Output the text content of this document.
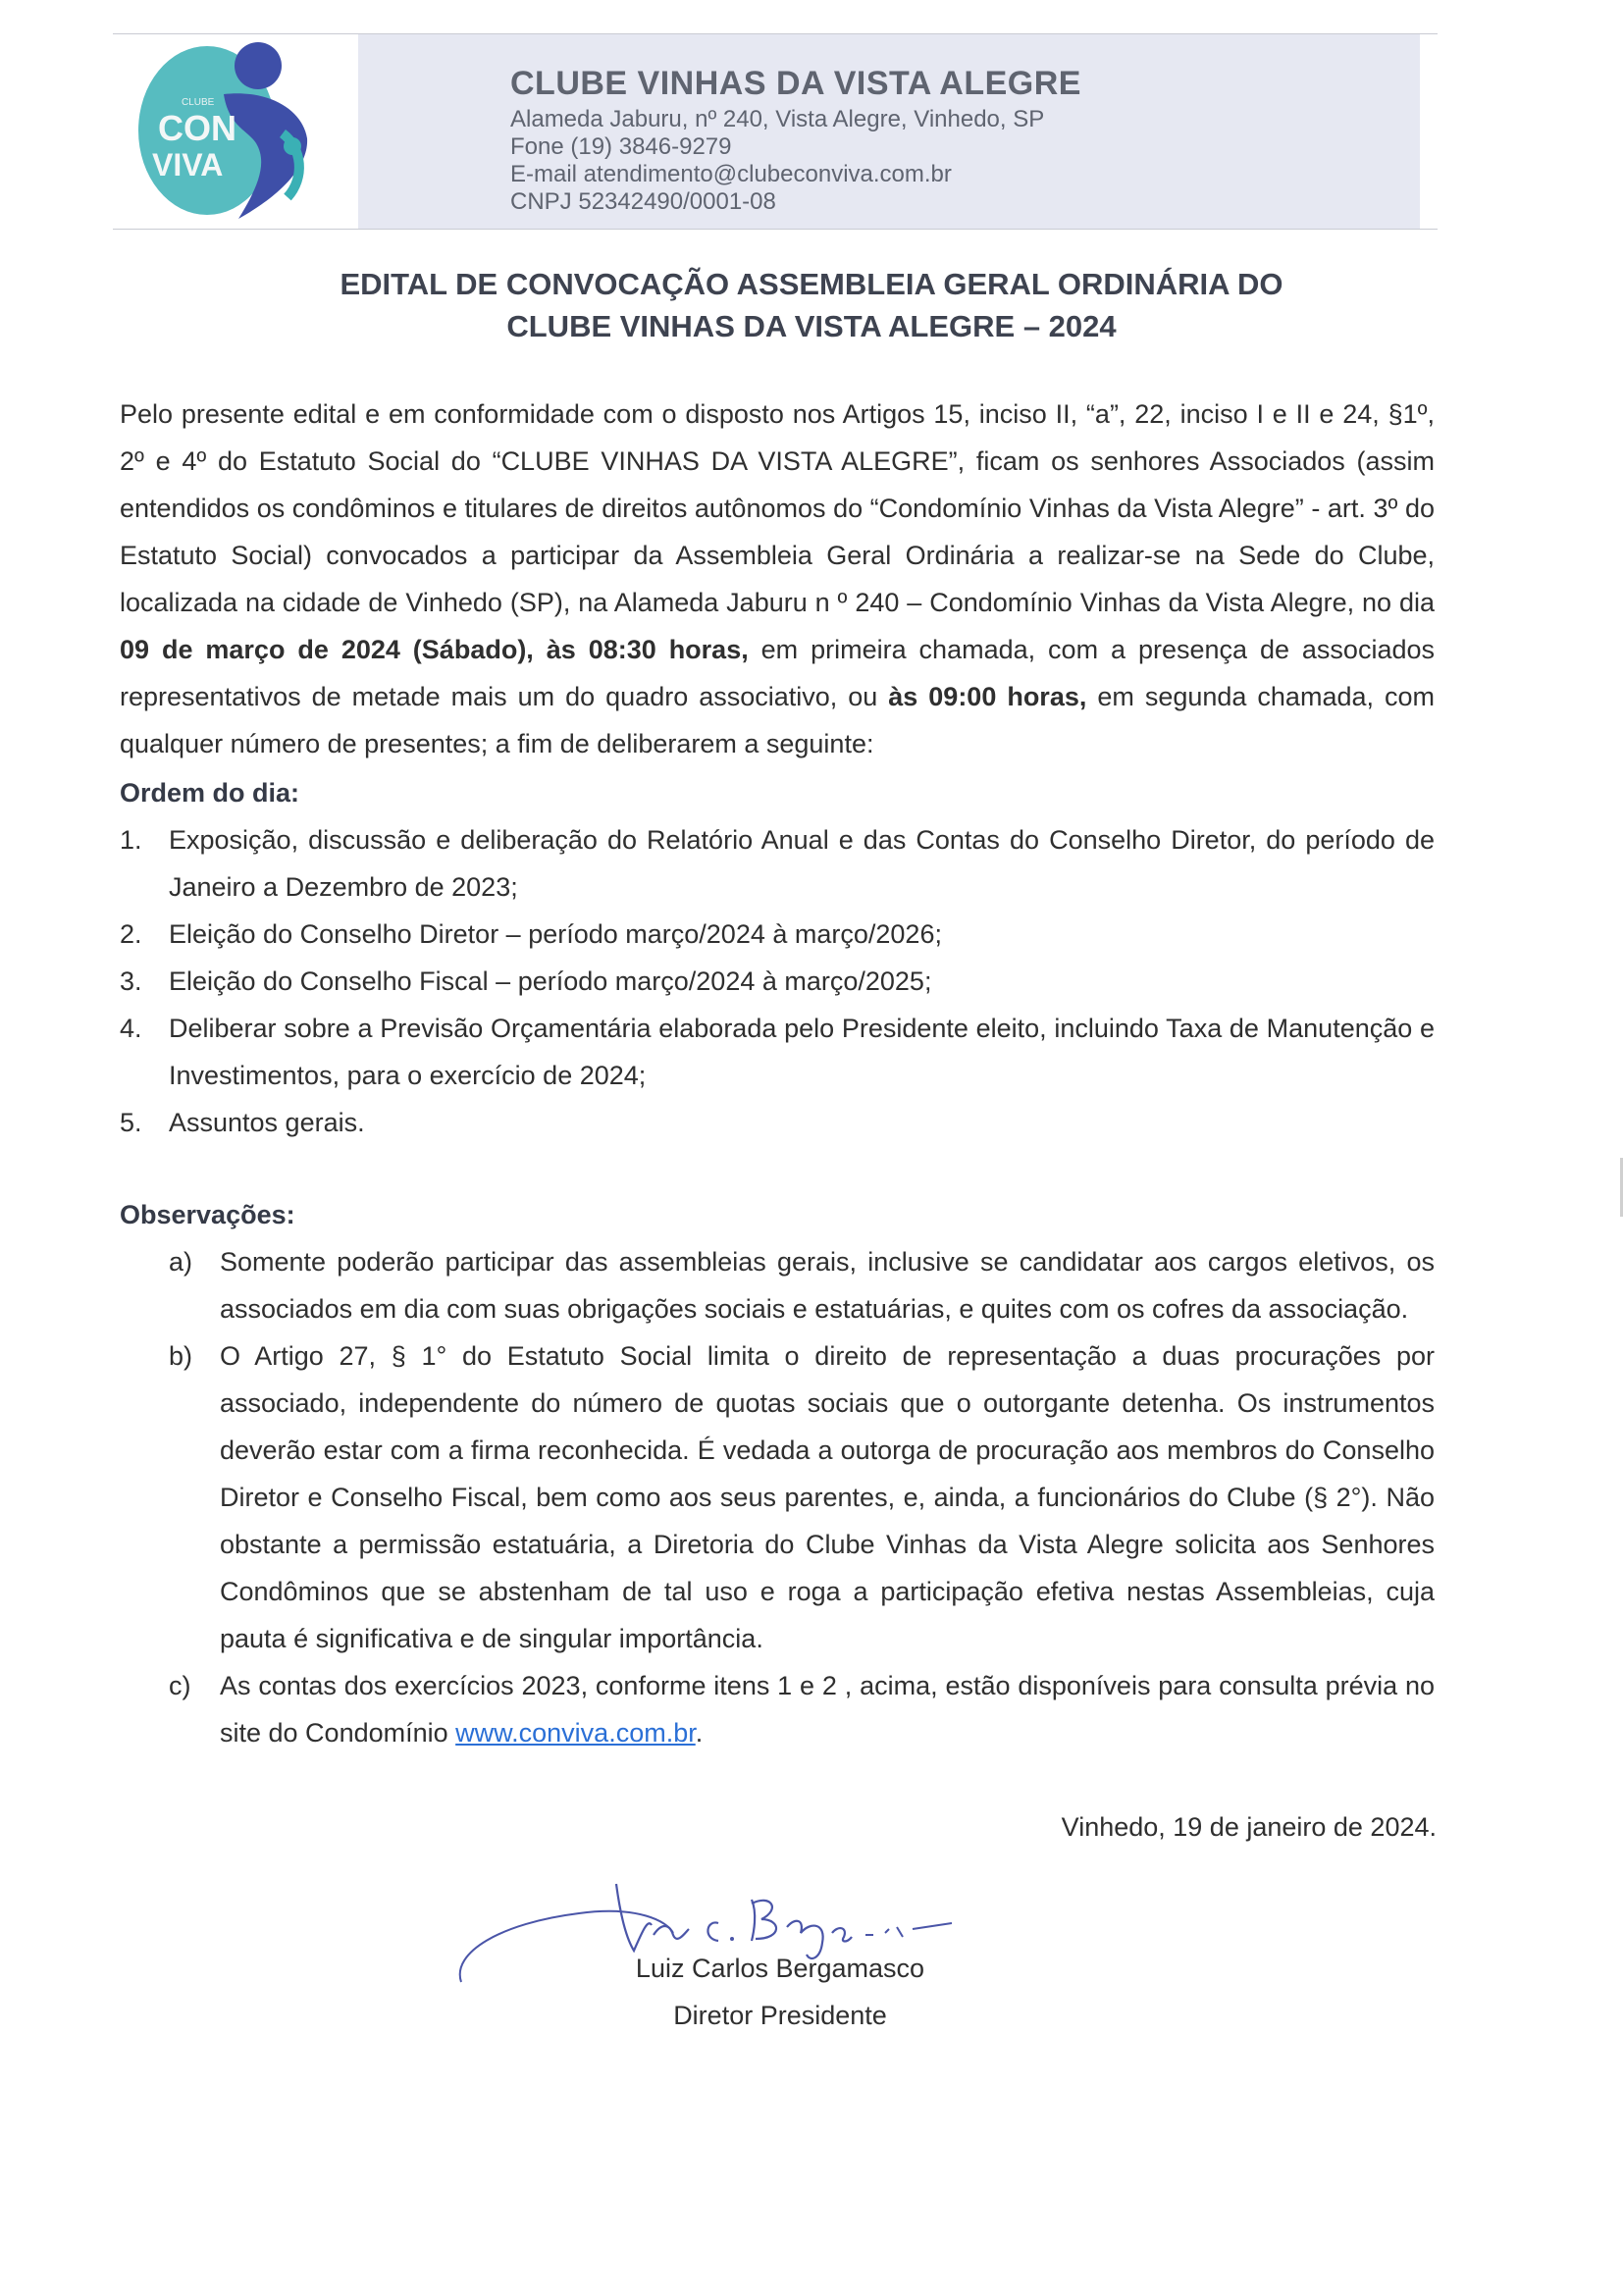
CLUBE
CON
VIVA
CLUBE VINHAS DA VISTA ALEGRE
Alameda Jaburu, nº 240, Vista Alegre, Vinhedo, SP
Fone (19) 3846-9279
E-mail atendimento@clubeconviva.com.br
CNPJ 52342490/0001-08
EDITAL DE CONVOCAÇÃO ASSEMBLEIA GERAL ORDINÁRIA DO
CLUBE VINHAS DA VISTA ALEGRE – 2024
Pelo presente edital e em conformidade com o disposto nos Artigos 15, inciso II, “a”, 22, inciso I e II e 24, §1º, 2º e 4º do Estatuto Social do “CLUBE VINHAS DA VISTA ALEGRE”, ficam os senhores Associados (assim entendidos os condôminos e titulares de direitos autônomos do “Condomínio Vinhas da Vista Alegre” - art. 3º do Estatuto Social) convocados a participar da Assembleia Geral Ordinária a realizar-se na Sede do Clube, localizada na cidade de Vinhedo (SP), na Alameda Jaburu n º 240 – Condomínio Vinhas da Vista Alegre, no dia 09 de março de 2024 (Sábado), às 08:30 horas, em primeira chamada, com a presença de associados representativos de metade mais um do quadro associativo, ou às 09:00 horas, em segunda chamada, com qualquer número de presentes; a fim de deliberarem a seguinte:
Ordem do dia:
1.	Exposição, discussão e deliberação do Relatório Anual e das Contas do Conselho Diretor, do período de Janeiro a Dezembro de 2023;
2.	Eleição do Conselho Diretor – período março/2024 à março/2026;
3.	Eleição do Conselho Fiscal – período março/2024 à março/2025;
4.	Deliberar sobre a Previsão Orçamentária elaborada pelo Presidente eleito, incluindo Taxa de Manutenção e Investimentos, para o exercício de 2024;
5.	Assuntos gerais.
Observações:
a) Somente poderão participar das assembleias gerais, inclusive se candidatar aos cargos eletivos, os associados em dia com suas obrigações sociais e estatuárias, e quites com os cofres da associação.
b) O Artigo 27, § 1° do Estatuto Social limita o direito de representação a duas procurações por associado, independente do número de quotas sociais que o outorgante detenha. Os instrumentos deverão estar com a firma reconhecida. É vedada a outorga de procuração aos membros do Conselho Diretor e Conselho Fiscal, bem como aos seus parentes, e, ainda, a funcionários do Clube (§ 2°). Não obstante a permissão estatuária, a Diretoria do Clube Vinhas da Vista Alegre solicita aos Senhores Condôminos que se abstenham de tal uso e roga a participação efetiva nestas Assembleias, cuja pauta é significativa e de singular importância.
c) As contas dos exercícios 2023, conforme itens 1 e 2 , acima, estão disponíveis para consulta prévia no site do Condomínio www.conviva.com.br.
Vinhedo, 19 de janeiro de 2024.
Luiz Carlos Bergamasco
Diretor Presidente
